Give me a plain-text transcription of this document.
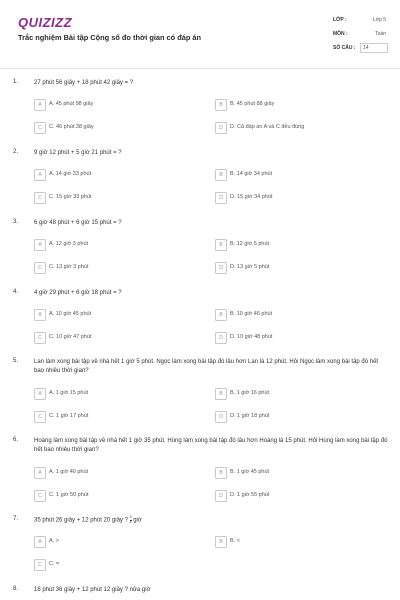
QUIZIZZ
Trắc nghiệm Bài tập Cộng số đo thời gian có đáp án
LỚP :	Lớp 5
MÔN :	Toán
SỐ CÂU :	14
1.	27 phút 56 giây + 18 phút 42 giây = ?
A	A. 45 phút 98 giây	B	B. 45 phút 88 giây
C	C. 46 phút 38 giây	D	D. Cả đáp án A và C đều đúng
2.	9 giờ 12 phút + 5 giờ 21 phút = ?
A	A. 14 giờ 33 phút	B	B. 14 giờ 34 phút
C	C. 15 giờ 33 phút	D	D. 15 giờ 34 phút
3.	6 giờ 48 phút + 6 giờ 15 phút = ?
A	A. 12 giờ 3 phút	B	B. 12 giờ 5 phút
C	C. 13 giờ 3 phút	D	D. 13 giờ 5 phút
4.	4 giờ 29 phút + 6 giờ 18 phút = ?
A	A. 10 giờ 45 phút	B	B. 10 giờ 46 phút
C	C. 10 giờ 47 phút	D	D. 10 giờ 48 phút
5.	Lan làm xong bài tập về nhà hết 1 giờ 5 phút. Ngọc làm xong bài tập đó lâu hơn Lan là 12 phút. Hỏi Ngọc làm xong bài tập đó hết bao nhiêu thời gian?
A	A. 1 giờ 15 phút	B	B. 1 giờ 16 phút
C	C. 1 giờ 17 phút	D	D. 1 giờ 18 phút
6.	Hoàng làm xong bài tập về nhà hết 1 giờ 35 phút. Hùng làm xong bài tập đó lâu hơn Hoàng là 15 phút. Hỏi Hùng làm xong bài tập đó hết bao nhiêu thời gian?
A	A. 1 giờ 40 phút	B	B. 1 giờ 45 phút
C	C. 1 giờ 50 phút	D	D. 1 giờ 55 phút
7.	35 phút 26 giây + 12 phút 20 giây ? $\frac{3}{4}$ giờ
A	A. >	B	B. <
C	C. =
8.	18 phút 36 giây + 12 phút 12 giây ? nửa giờ
